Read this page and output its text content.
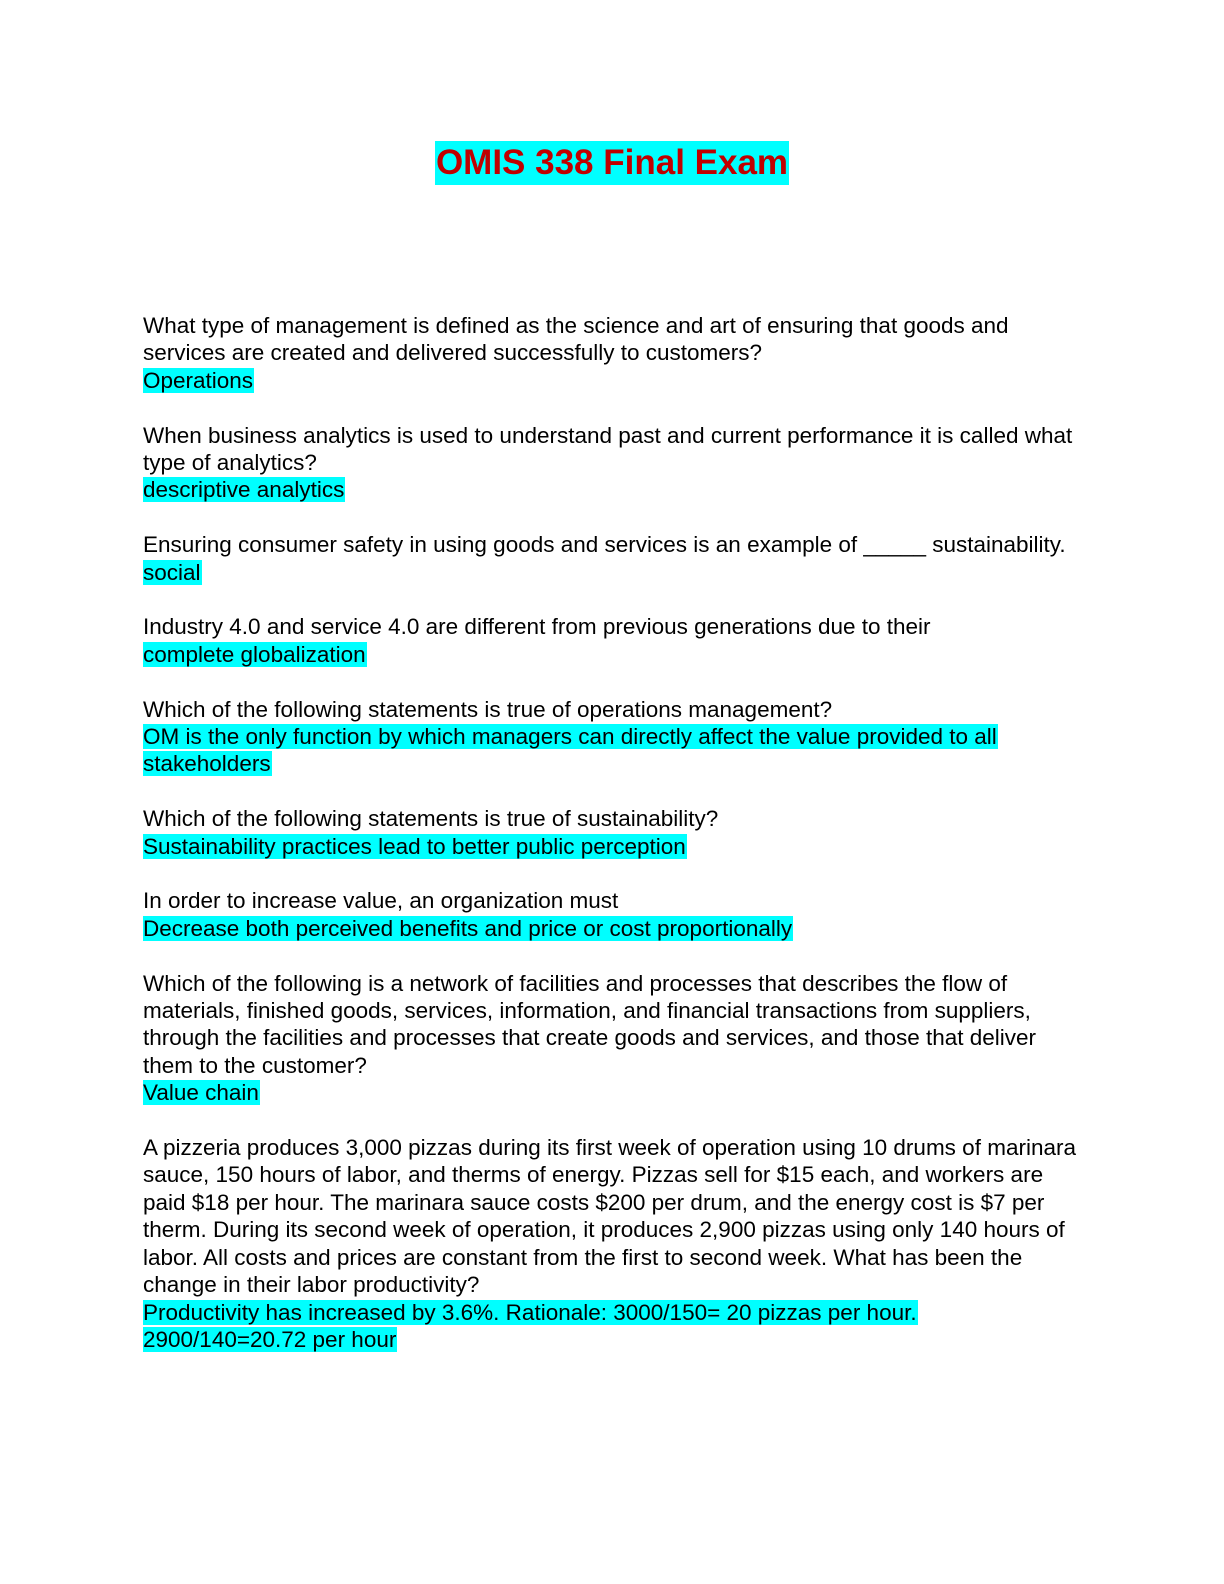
OMIS 338 Final Exam
What type of management is defined as the science and art of ensuring that goods and services are created and delivered successfully to customers?
Operations
When business analytics is used to understand past and current performance it is called what type of analytics?
descriptive analytics
Ensuring consumer safety in using goods and services is an example of _____ sustainability.
social
Industry 4.0 and service 4.0 are different from previous generations due to their
complete globalization
Which of the following statements is true of operations management?
OM is the only function by which managers can directly affect the value provided to all stakeholders
Which of the following statements is true of sustainability?
Sustainability practices lead to better public perception
In order to increase value, an organization must
Decrease both perceived benefits and price or cost proportionally
Which of the following is a network of facilities and processes that describes the flow of materials, finished goods, services, information, and financial transactions from suppliers, through the facilities and processes that create goods and services, and those that deliver them to the customer?
Value chain
A pizzeria produces 3,000 pizzas during its first week of operation using 10 drums of marinara sauce, 150 hours of labor, and therms of energy. Pizzas sell for $15 each, and workers are paid $18 per hour. The marinara sauce costs $200 per drum, and the energy cost is $7 per therm. During its second week of operation, it produces 2,900 pizzas using only 140 hours of labor. All costs and prices are constant from the first to second week. What has been the change in their labor productivity?
Productivity has increased by 3.6%. Rationale: 3000/150= 20 pizzas per hour. 2900/140=20.72 per hour
